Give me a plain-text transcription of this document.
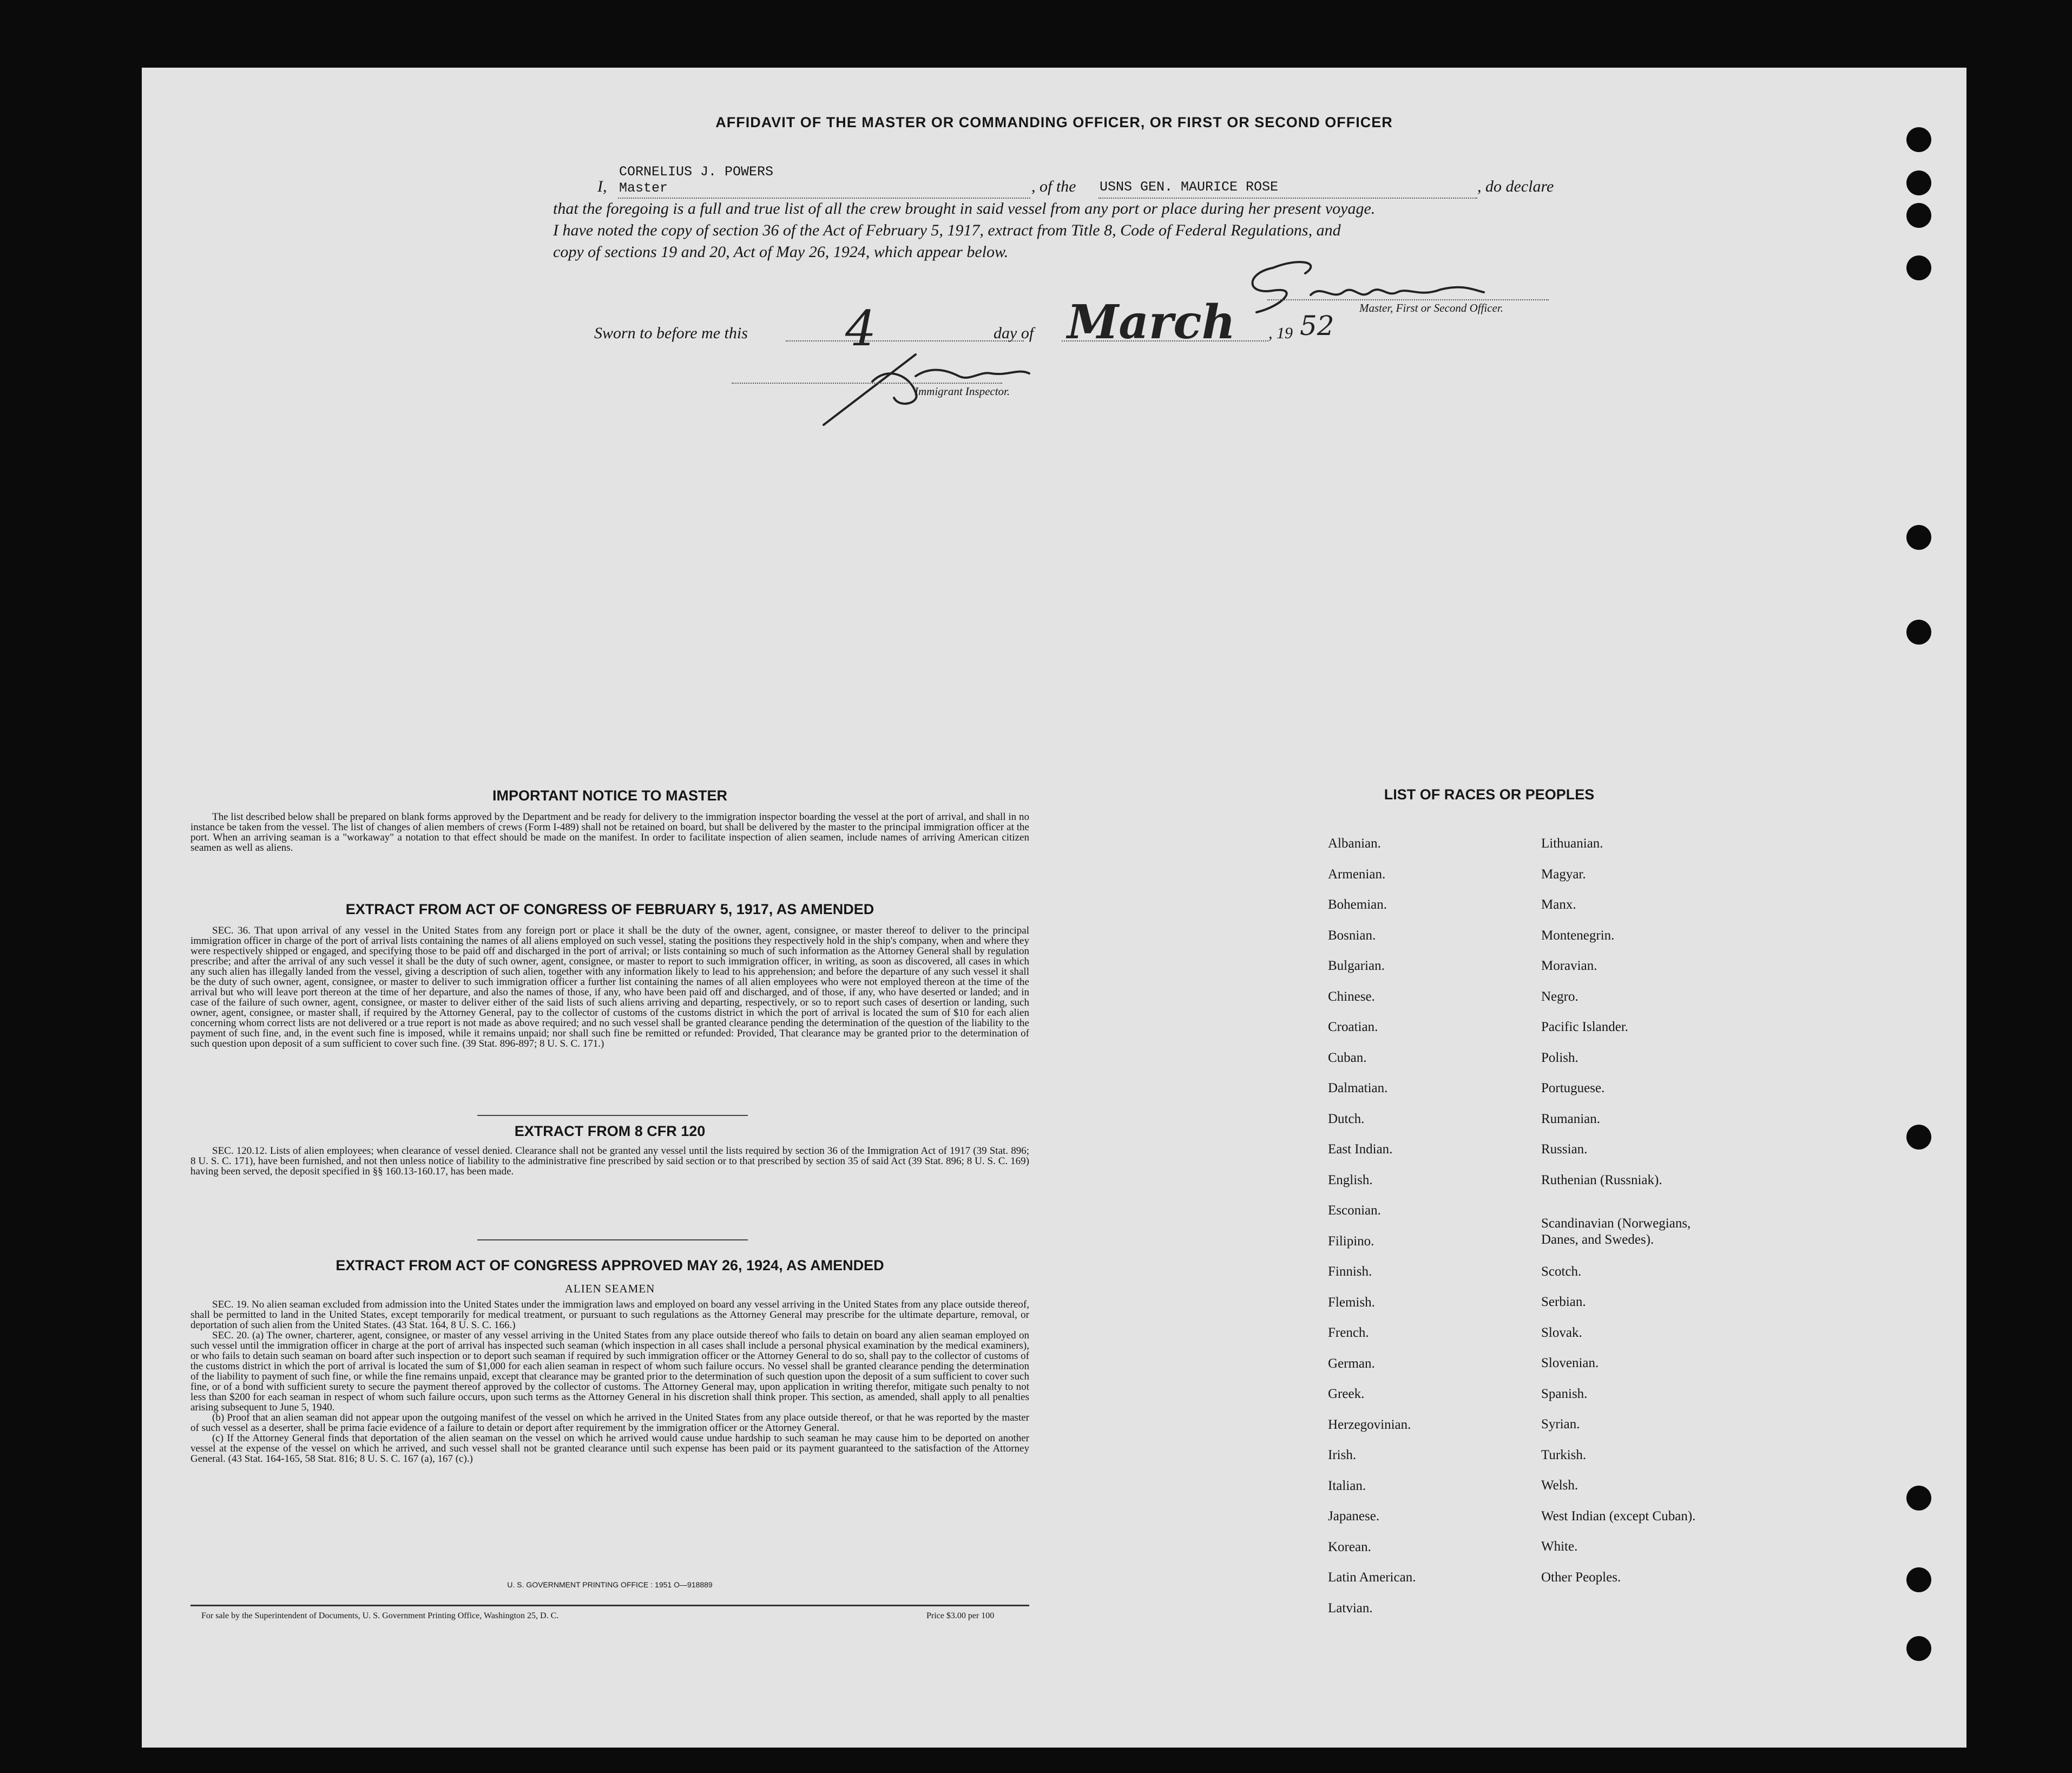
AFFIDAVIT OF THE MASTER OR COMMANDING OFFICER, OR FIRST OR SECOND OFFICER
CORNELIUS J. POWERS
I, Master	, of the USNS GEN. MAURICE ROSE	, do declare
that the foregoing is a full and true list of all the crew brought in said vessel from any port or place during her present voyage.
I have noted the copy of section 36 of the Act of February 5, 1917, extract from Title 8, Code of Federal Regulations, and
copy of sections 19 and 20, Act of May 26, 1924, which appear below.
Master, First or Second Officer.
Sworn to before me this 4	day of March , 19 52
Immigrant Inspector.
IMPORTANT NOTICE TO MASTER
The list described below shall be prepared on blank forms approved by the Department and be ready for delivery to the immigration inspector boarding the vessel at the port of arrival, and shall in no instance be taken from the vessel. The list of changes of alien members of crews (Form I-489) shall not be retained on board, but shall be delivered by the master to the principal immigration officer at the port. When an arriving seaman is a "workaway" a notation to that effect should be made on the manifest. In order to facilitate inspection of alien seamen, include names of arriving American citizen seamen as well as aliens.
EXTRACT FROM ACT OF CONGRESS OF FEBRUARY 5, 1917, AS AMENDED
SEC. 36. That upon arrival of any vessel in the United States from any foreign port or place it shall be the duty of the owner, agent, consignee, or master thereof to deliver to the principal immigration officer in charge of the port of arrival lists containing the names of all aliens employed on such vessel, stating the positions they respectively hold in the ship's company, when and where they were respectively shipped or engaged, and specifying those to be paid off and discharged in the port of arrival; or lists containing so much of such information as the Attorney General shall by regulation prescribe; and after the arrival of any such vessel it shall be the duty of such owner, agent, consignee, or master to report to such immigration officer, in writing, as soon as discovered, all cases in which any such alien has illegally landed from the vessel, giving a description of such alien, together with any information likely to lead to his apprehension; and before the departure of any such vessel it shall be the duty of such owner, agent, consignee, or master to deliver to such immigration officer a further list containing the names of all alien employees who were not employed thereon at the time of the arrival but who will leave port thereon at the time of her departure, and also the names of those, if any, who have been paid off and discharged, and of those, if any, who have deserted or landed; and in case of the failure of such owner, agent, consignee, or master to deliver either of the said lists of such aliens arriving and departing, respectively, or so to report such cases of desertion or landing, such owner, agent, consignee, or master shall, if required by the Attorney General, pay to the collector of customs of the customs district in which the port of arrival is located the sum of $10 for each alien concerning whom correct lists are not delivered or a true report is not made as above required; and no such vessel shall be granted clearance pending the determination of the question of the liability to the payment of such fine, and, in the event such fine is imposed, while it remains unpaid; nor shall such fine be remitted or refunded: Provided, That clearance may be granted prior to the determination of such question upon deposit of a sum sufficient to cover such fine. (39 Stat. 896-897; 8 U. S. C. 171.)
EXTRACT FROM 8 CFR 120
SEC. 120.12. Lists of alien employees; when clearance of vessel denied. Clearance shall not be granted any vessel until the lists required by section 36 of the Immigration Act of 1917 (39 Stat. 896; 8 U. S. C. 171), have been furnished, and not then unless notice of liability to the administrative fine prescribed by said section or to that prescribed by section 35 of said Act (39 Stat. 896; 8 U. S. C. 169) having been served, the deposit specified in §§ 160.13-160.17, has been made.
EXTRACT FROM ACT OF CONGRESS APPROVED MAY 26, 1924, AS AMENDED
ALIEN SEAMEN
SEC. 19. No alien seaman excluded from admission into the United States under the immigration laws and employed on board any vessel arriving in the United States from any place outside thereof, shall be permitted to land in the United States, except temporarily for medical treatment, or pursuant to such regulations as the Attorney General may prescribe for the ultimate departure, removal, or deportation of such alien from the United States. (43 Stat. 164, 8 U. S. C. 166.)
SEC. 20. (a) The owner, charterer, agent, consignee, or master of any vessel arriving in the United States from any place outside thereof who fails to detain on board any alien seaman employed on such vessel until the immigration officer in charge at the port of arrival has inspected such seaman (which inspection in all cases shall include a personal physical examination by the medical examiners), or who fails to detain such seaman on board after such inspection or to deport such seaman if required by such immigration officer or the Attorney General to do so, shall pay to the collector of customs of the customs district in which the port of arrival is located the sum of $1,000 for each alien seaman in respect of whom such failure occurs. No vessel shall be granted clearance pending the determination of the liability to payment of such fine, or while the fine remains unpaid, except that clearance may be granted prior to the determination of such question upon the deposit of a sum sufficient to cover such fine, or of a bond with sufficient surety to secure the payment thereof approved by the collector of customs. The Attorney General may, upon application in writing therefor, mitigate such penalty to not less than $200 for each seaman in respect of whom such failure occurs, upon such terms as the Attorney General in his discretion shall think proper. This section, as amended, shall apply to all penalties arising subsequent to June 5, 1940.
(b) Proof that an alien seaman did not appear upon the outgoing manifest of the vessel on which he arrived in the United States from any place outside thereof, or that he was reported by the master of such vessel as a deserter, shall be prima facie evidence of a failure to detain or deport after requirement by the immigration officer or the Attorney General.
(c) If the Attorney General finds that deportation of the alien seaman on the vessel on which he arrived would cause undue hardship to such seaman he may cause him to be deported on another vessel at the expense of the vessel on which he arrived, and such vessel shall not be granted clearance until such expense has been paid or its payment guaranteed to the satisfaction of the Attorney General. (43 Stat. 164-165, 58 Stat. 816; 8 U. S. C. 167 (a), 167 (c).)
U. S. GOVERNMENT PRINTING OFFICE : 1951 O—918889
For sale by the Superintendent of Documents, U. S. Government Printing Office, Washington 25, D. C.	Price $3.00 per 100
LIST OF RACES OR PEOPLES
Albanian.
Armenian.
Bohemian.
Bosnian.
Bulgarian.
Chinese.
Croatian.
Cuban.
Dalmatian.
Dutch.
East Indian.
English.
Esconian.
Filipino.
Finnish.
Flemish.
French.
German.
Greek.
Herzegovinian.
Irish.
Italian.
Japanese.
Korean.
Latin American.
Latvian.
Lithuanian.
Magyar.
Manx.
Montenegrin.
Moravian.
Negro.
Pacific Islander.
Polish.
Portuguese.
Rumanian.
Russian.
Ruthenian (Russniak).
Scandinavian (Norwegians,
Danes, and Swedes).
Scotch.
Serbian.
Slovak.
Slovenian.
Spanish.
Syrian.
Turkish.
Welsh.
West Indian (except Cuban).
White.
Other Peoples.
